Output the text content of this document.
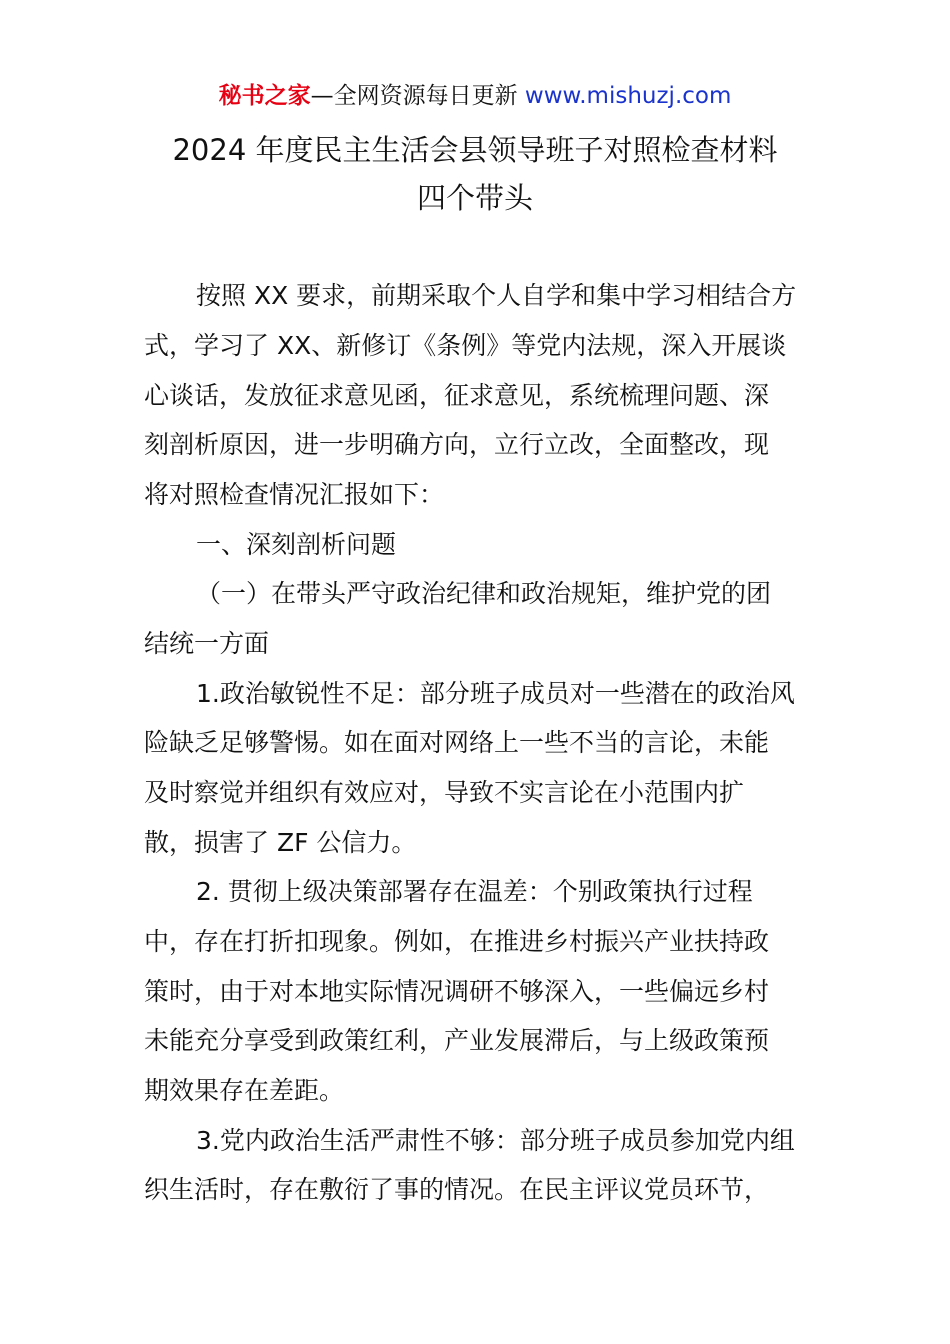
秘书之家—全网资源每日更新 www.mishuzj.com
2024 年度民主生活会县领导班子对照检查材料
四个带头
按照 XX 要求，前期采取个人自学和集中学习相结合方
式，学习了 XX、新修订《条例》等党内法规，深入开展谈
心谈话，发放征求意见函，征求意见，系统梳理问题、深
刻剖析原因，进一步明确方向，立行立改，全面整改，现
将对照检查情况汇报如下：
一、深刻剖析问题
（一）在带头严守政治纪律和政治规矩，维护党的团
结统一方面
1.政治敏锐性不足：部分班子成员对一些潜在的政治风
险缺乏足够警惕。如在面对网络上一些不当的言论，未能
及时察觉并组织有效应对，导致不实言论在小范围内扩
散，损害了 ZF 公信力。
2. 贯彻上级决策部署存在温差：个别政策执行过程
中，存在打折扣现象。例如，在推进乡村振兴产业扶持政
策时，由于对本地实际情况调研不够深入，一些偏远乡村
未能充分享受到政策红利，产业发展滞后，与上级政策预
期效果存在差距。
3.党内政治生活严肃性不够：部分班子成员参加党内组
织生活时，存在敷衍了事的情况。在民主评议党员环节，
